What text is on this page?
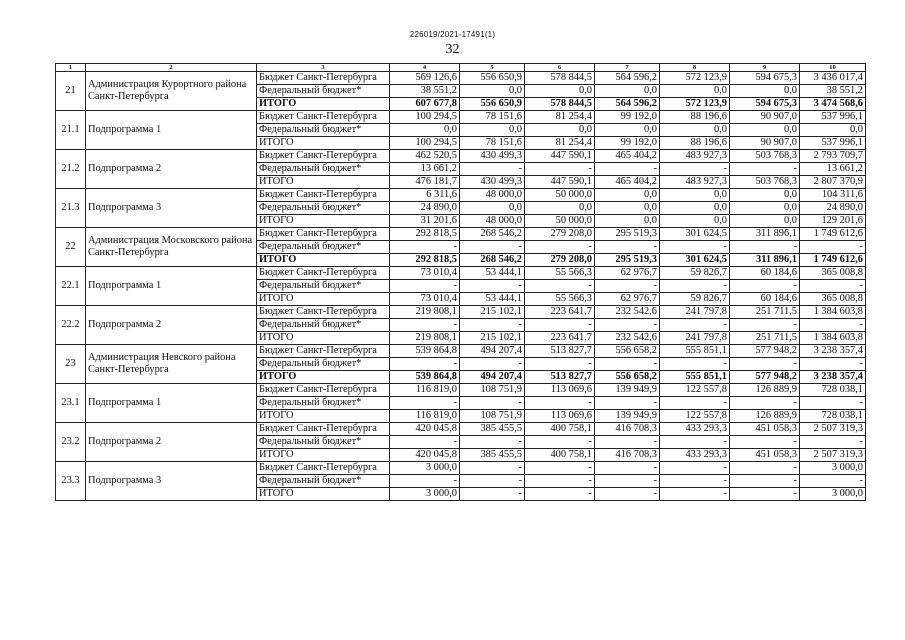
226019/2021-17491(1)
32
1	2	3	4	5	6	7	8	9	10
21	Администрация Курортного района Санкт-Петербурга	Бюджет Санкт-Петербурга	569 126,6	556 650,9	578 844,5	564 596,2	572 123,9	594 675,3	3 436 017,4
		Федеральный бюджет*	38 551,2	0,0	0,0	0,0	0,0	0,0	38 551,2
		ИТОГО	607 677,8	556 650,9	578 844,5	564 596,2	572 123,9	594 675,3	3 474 568,6
21.1	Подпрограмма 1	Бюджет Санкт-Петербурга	100 294,5	78 151,6	81 254,4	99 192,0	88 196,6	90 907,0	537 996,1
		Федеральный бюджет*	0,0	0,0	0,0	0,0	0,0	0,0	0,0
		ИТОГО	100 294,5	78 151,6	81 254,4	99 192,0	88 196,6	90 907,0	537 996,1
21.2	Подпрограмма 2	Бюджет Санкт-Петербурга	462 520,5	430 499,3	447 590,1	465 404,2	483 927,3	503 768,3	2 793 709,7
		Федеральный бюджет*	13 661,2	-	-	-	-	-	13 661,2
		ИТОГО	476 181,7	430 499,3	447 590,1	465 404,2	483 927,3	503 768,3	2 807 370,9
21.3	Подпрограмма 3	Бюджет Санкт-Петербурга	6 311,6	48 000,0	50 000,0	0,0	0,0	0,0	104 311,6
		Федеральный бюджет*	24 890,0	0,0	0,0	0,0	0,0	0,0	24 890,0
		ИТОГО	31 201,6	48 000,0	50 000,0	0,0	0,0	0,0	129 201,6
22	Администрация Московского района Санкт-Петербурга	Бюджет Санкт-Петербурга	292 818,5	268 546,2	279 208,0	295 519,3	301 624,5	311 896,1	1 749 612,6
		Федеральный бюджет*	-	-	-	-	-	-	-
		ИТОГО	292 818,5	268 546,2	279 208,0	295 519,3	301 624,5	311 896,1	1 749 612,6
22.1	Подпрограмма 1	Бюджет Санкт-Петербурга	73 010,4	53 444,1	55 566,3	62 976,7	59 826,7	60 184,6	365 008,8
		Федеральный бюджет*	-	-	-	-	-	-	-
		ИТОГО	73 010,4	53 444,1	55 566,3	62 976,7	59 826,7	60 184,6	365 008,8
22.2	Подпрограмма 2	Бюджет Санкт-Петербурга	219 808,1	215 102,1	223 641,7	232 542,6	241 797,8	251 711,5	1 384 603,8
		Федеральный бюджет*	-	-	-	-	-	-	-
		ИТОГО	219 808,1	215 102,1	223 641,7	232 542,6	241 797,8	251 711,5	1 384 603,8
23	Администрация Невского района Санкт-Петербурга	Бюджет Санкт-Петербурга	539 864,8	494 207,4	513 827,7	556 658,2	555 851,1	577 948,2	3 238 357,4
		Федеральный бюджет*	-	-	-	-	-	-	-
		ИТОГО	539 864,8	494 207,4	513 827,7	556 658,2	555 851,1	577 948,2	3 238 357,4
23.1	Подпрограмма 1	Бюджет Санкт-Петербурга	116 819,0	108 751,9	113 069,6	139 949,9	122 557,8	126 889,9	728 038,1
		Федеральный бюджет*	-	-	-	-	-	-	-
		ИТОГО	116 819,0	108 751,9	113 069,6	139 949,9	122 557,8	126 889,9	728 038,1
23.2	Подпрограмма 2	Бюджет Санкт-Петербурга	420 045,8	385 455,5	400 758,1	416 708,3	433 293,3	451 058,3	2 507 319,3
		Федеральный бюджет*	-	-	-	-	-	-	-
		ИТОГО	420 045,8	385 455,5	400 758,1	416 708,3	433 293,3	451 058,3	2 507 319,3
23.3	Подпрограмма 3	Бюджет Санкт-Петербурга	3 000,0	-	-	-	-	-	3 000,0
		Федеральный бюджет*	-	-	-	-	-	-	-
		ИТОГО	3 000,0	-	-	-	-	-	3 000,0
